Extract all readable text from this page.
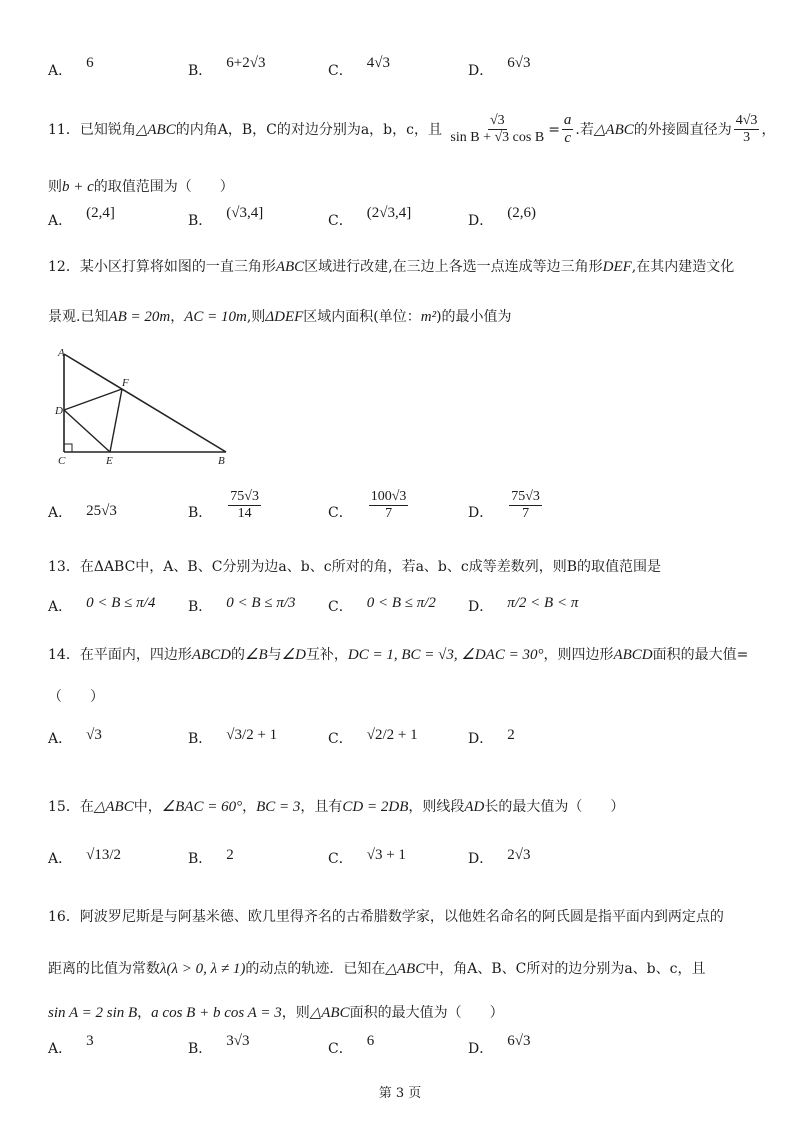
A． 6	B． 6+2√3	C． 4√3	D． 6√3
11．已知锐角△ABC的内角A，B，C的对边分别为a，b，c，且 $\frac{√3}{\text{sin B + √3 cos B}} = \frac{a}{c}$ .若△ABC的外接圆直径为 $\frac{4√3}{3}$ ，
则b + c的取值范围为（　　）
A． (2,4]	B． (√3,4]	C． (2√3,4]	D． (2,6)
12．某小区打算将如图的一直三角形ABC区域进行改建,在三边上各选一点连成等边三角形DEF,在其内建造文化
景观.已知AB = 20m，AC = 10m,则ΔDEF区域内面积(单位：m²)的最小值为
A
D
C	E
F
B
A． 25√3	B． $\frac{75√3}{14}$	C． $\frac{100√3}{7}$	D． $\frac{75√3}{7}$
13．在ΔABC中，A、B、C分别为边a、b、c所对的角，若a、b、c成等差数列，则B的取值范围是
A． 0 < B ≤ π/4 B． 0 < B ≤ π/3 C． 0 < B ≤ π/2 D． π/2 < B < π
14．在平面内，四边形ABCD的∠B与∠D互补，DC = 1, BC = √3, ∠DAC = 30°，则四边形ABCD面积的最大值=
（　　）
A． √3	B． √3/2 + 1	C． √2/2 + 1	D． 2
15．在△ABC中，∠BAC = 60°，BC = 3，且有CD = 2DB，则线段AD长的最大值为（　　）
A． √13/2	B． 2	C． √3 + 1	D． 2√3
16．阿波罗尼斯是与阿基米德、欧几里得齐名的古希腊数学家，以他姓名命名的阿氏圆是指平面内到两定点的
距离的比值为常数λ(λ > 0, λ ≠ 1)的动点的轨迹．已知在△ABC中，角A、B、C所对的边分别为a、b、c，且
sin A = 2 sin B，a cos B + b cos A = 3，则△ABC面积的最大值为（　　）
A． 3	B． 3√3	C． 6	D． 6√3
第 3 页
